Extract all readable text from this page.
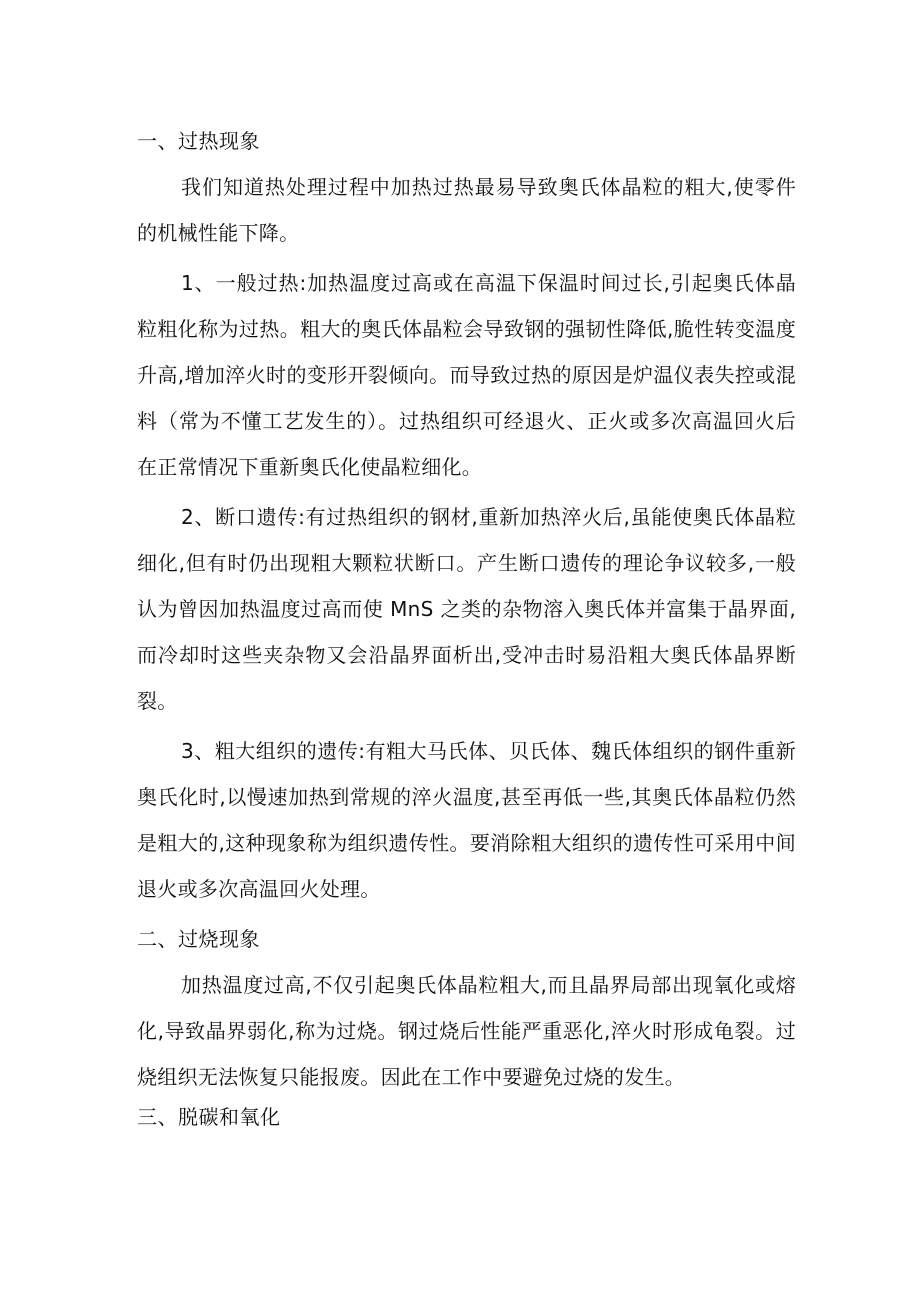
一、过热现象

我们知道热处理过程中加热过热最易导致奥氏体晶粒的粗大,使零件的机械性能下降。

1、一般过热:加热温度过高或在高温下保温时间过长,引起奥氏体晶粒粗化称为过热。粗大的奥氏体晶粒会导致钢的强韧性降低,脆性转变温度升高,增加淬火时的变形开裂倾向。而导致过热的原因是炉温仪表失控或混料（常为不懂工艺发生的）。过热组织可经退火、正火或多次高温回火后在正常情况下重新奥氏化使晶粒细化。

2、断口遗传:有过热组织的钢材,重新加热淬火后,虽能使奥氏体晶粒细化,但有时仍出现粗大颗粒状断口。产生断口遗传的理论争议较多,一般认为曾因加热温度过高而使 MnS 之类的杂物溶入奥氏体并富集于晶界面,而冷却时这些夹杂物又会沿晶界面析出,受冲击时易沿粗大奥氏体晶界断裂。

3、粗大组织的遗传:有粗大马氏体、贝氏体、魏氏体组织的钢件重新奥氏化时,以慢速加热到常规的淬火温度,甚至再低一些,其奥氏体晶粒仍然是粗大的,这种现象称为组织遗传性。要消除粗大组织的遗传性可采用中间退火或多次高温回火处理。

二、过烧现象

加热温度过高,不仅引起奥氏体晶粒粗大,而且晶界局部出现氧化或熔化,导致晶界弱化,称为过烧。钢过烧后性能严重恶化,淬火时形成龟裂。过烧组织无法恢复只能报废。因此在工作中要避免过烧的发生。

三、脱碳和氧化
